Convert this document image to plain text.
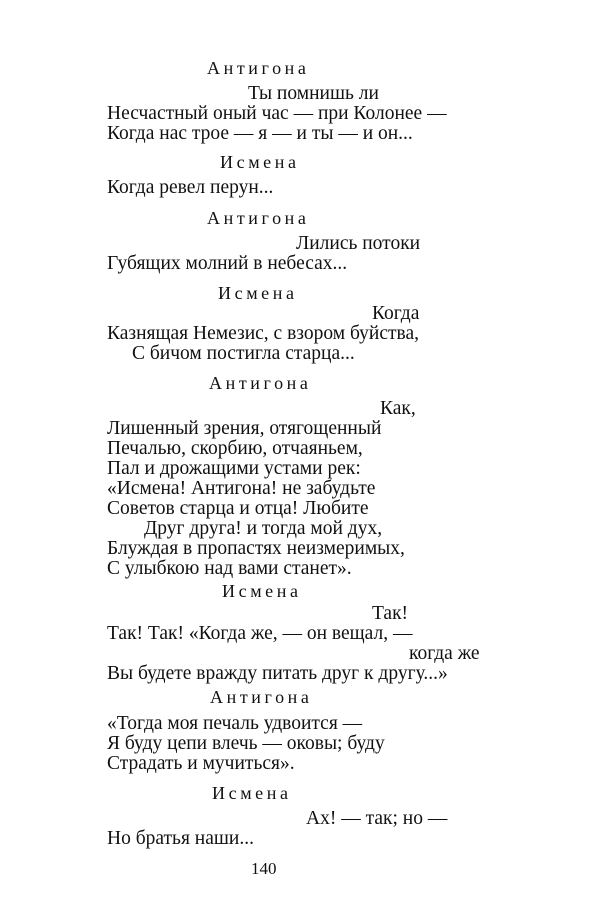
Антигона

Ты помнишь ли

Несчастный оный час — при Колонее —

Когда нас трое — я — и ты — и он...

Исмена

Когда ревел перун...

Антигона

Лились потоки

Губящих молний в небесах...

Исмена

Когда

Казнящая Немезис, с взором буйства,

С бичом постигла старца...

Антигона

Как,

Лишенный зрения, отягощенный

Печалью, скорбию, отчаяньем,

Пал и дрожащими устами рек:

«Исмена! Антигона! не забудьте

Советов старца и отца! Любите

Друг друга! и тогда мой дух,

Блуждая в пропастях неизмеримых,

С улыбкою над вами станет».

Исмена

Так!

Так! Так! «Когда же, — он вещал, —

когда же

Вы будете вражду питать друг к другу...»

Антигона

«Тогда моя печаль удвоится —

Я буду цепи влечь — оковы; буду

Страдать и мучиться».

Исмена

Ах! — так; но —

Но братья наши...

140
